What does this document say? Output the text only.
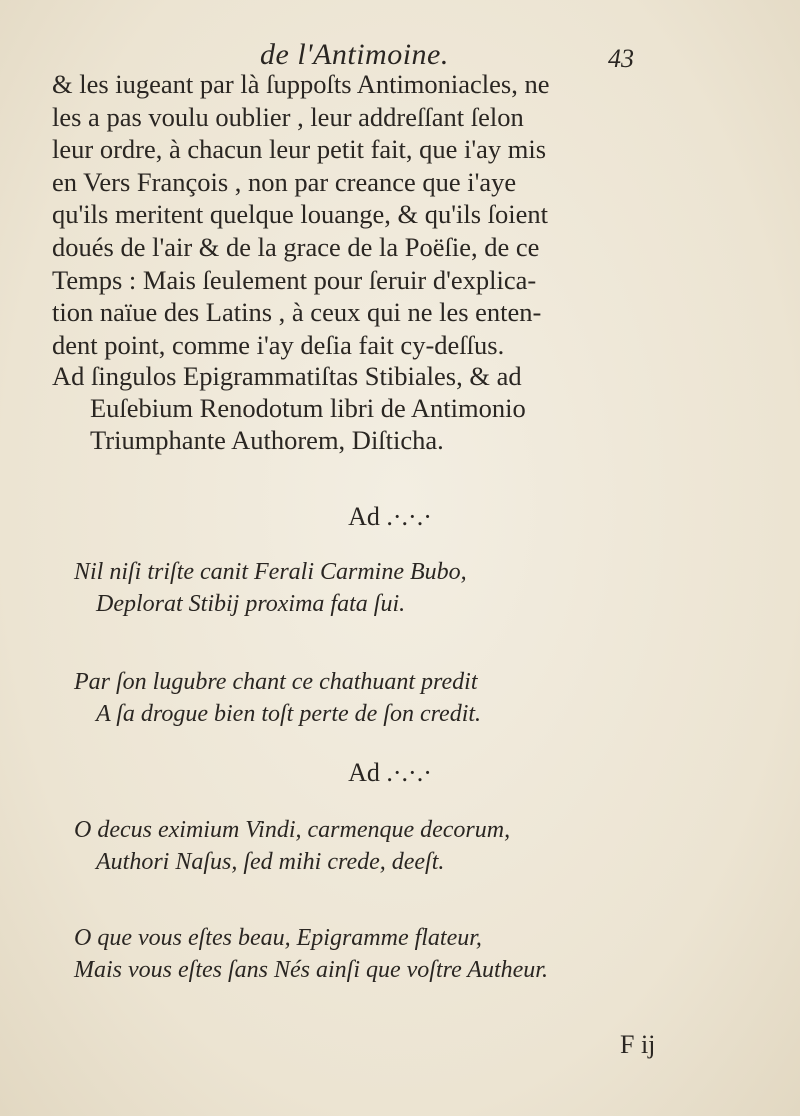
de l'Antimoine.	43

& les iugeant par là ſuppoſts Antimoniacles, ne
les a pas voulu oublier , leur addreſſant ſelon
leur ordre, à chacun leur petit fait, que i'ay mis
en Vers François , non par creance que i'aye
qu'ils meritent quelque louange, & qu'ils ſoient
doués de l'air & de la grace de la Poëſie, de ce
Temps : Mais ſeulement pour ſeruir d'explica-
tion naïue des Latins , à ceux qui ne les enten-
dent point, comme i'ay deſia fait cy-deſſus.

Ad ſingulos Epigrammatiſtas Stibiales, & ad
Euſebium Renodotum libri de Antimonio
Triumphante Authorem, Diſticha.
Ad .·.·.·
Nil niſi triſte canit Ferali Carmine Bubo,
Deplorat Stibij proxima fata ſui.
Par ſon lugubre chant ce chathuant predit
A ſa drogue bien toſt perte de ſon credit.
Ad .·.·.·
O decus eximium Vindi, carmenque decorum,
Authori Naſus, ſed mihi crede, deeſt.
O que vous eſtes beau, Epigramme flateur,
Mais vous eſtes ſans Nés ainſi que voſtre Autheur.
F ij
